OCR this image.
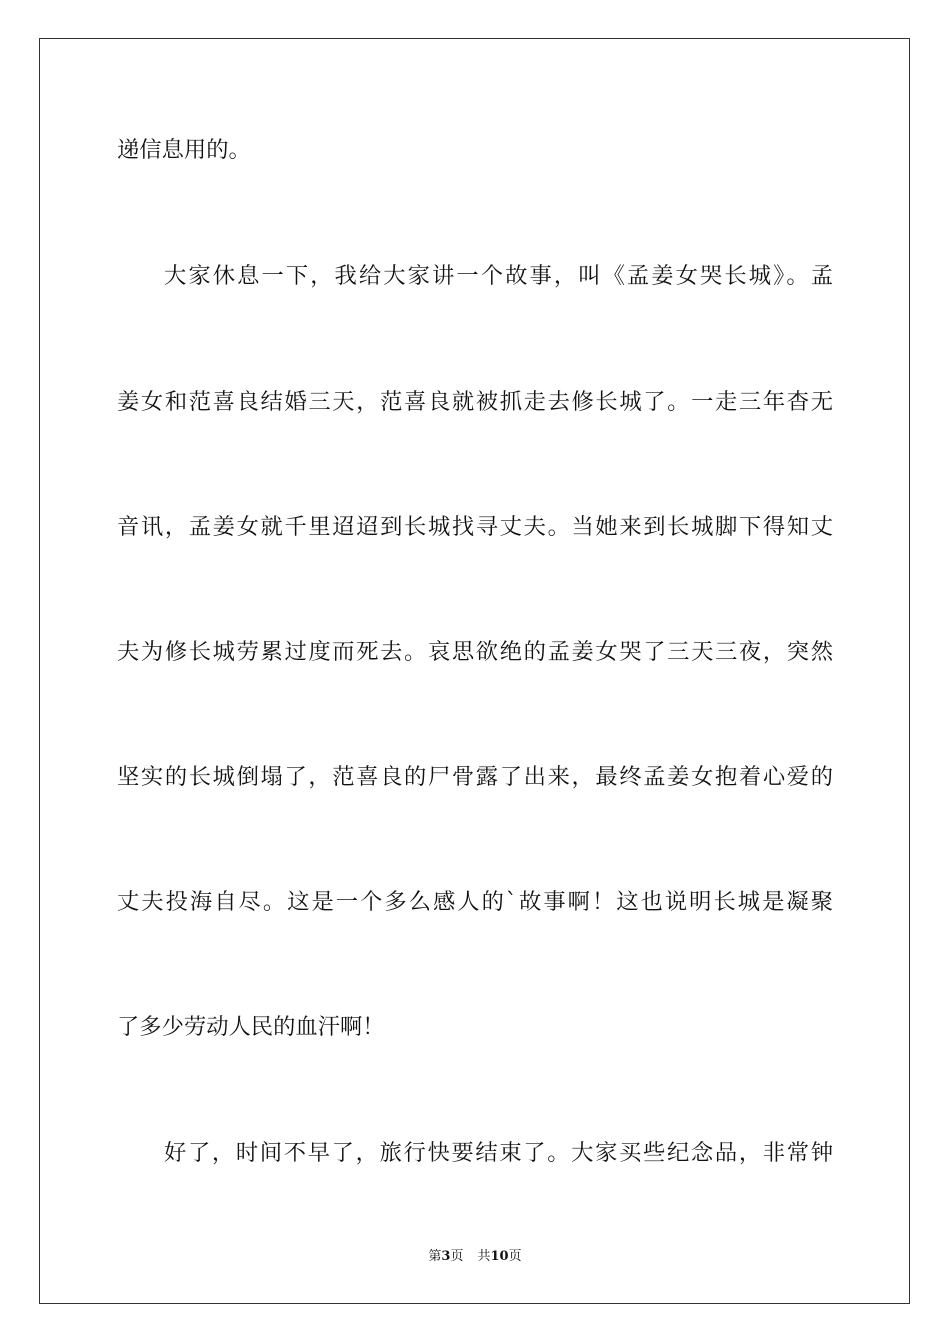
递信息用的。
大家休息一下，我给大家讲一个故事，叫《孟姜女哭长城》。孟
姜女和范喜良结婚三天，范喜良就被抓走去修长城了。一走三年杳无
音讯，孟姜女就千里迢迢到长城找寻丈夫。当她来到长城脚下得知丈
夫为修长城劳累过度而死去。哀思欲绝的孟姜女哭了三天三夜，突然
坚实的长城倒塌了，范喜良的尸骨露了出来，最终孟姜女抱着心爱的
丈夫投海自尽。这是一个多么感人的`故事啊！这也说明长城是凝聚
了多少劳动人民的血汗啊！
好了，时间不早了，旅行快要结束了。大家买些纪念品，非常钟
第3页 共10页
